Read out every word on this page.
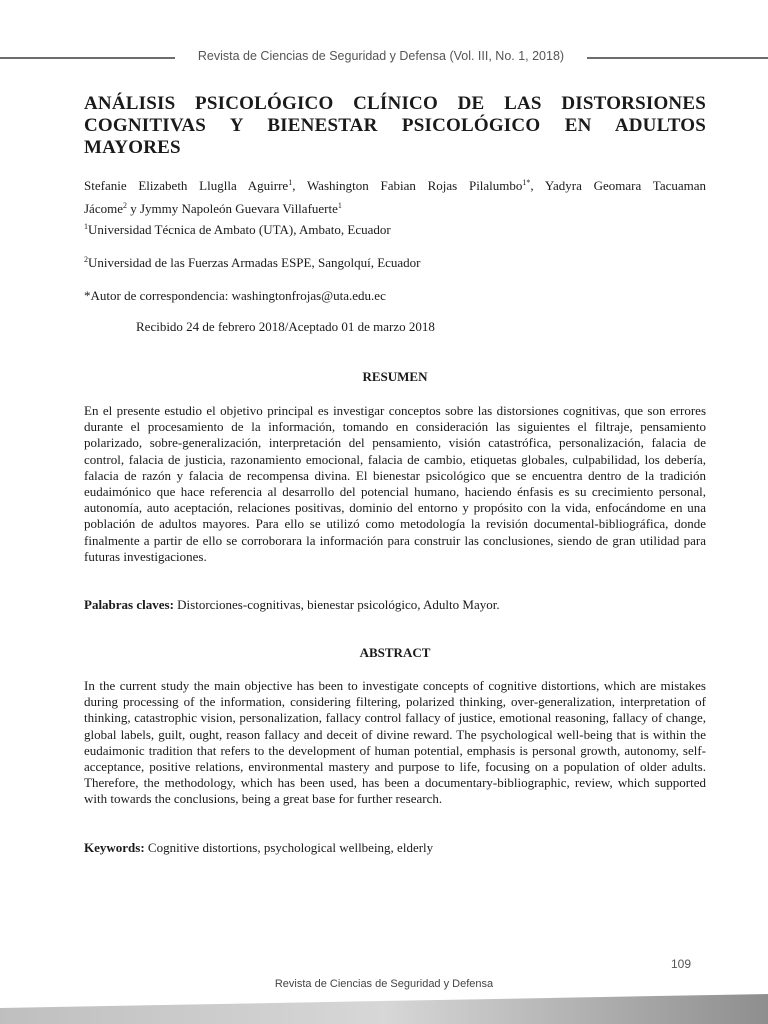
Revista de Ciencias de Seguridad y Defensa (Vol. III, No. 1, 2018)
ANÁLISIS PSICOLÓGICO CLÍNICO DE LAS DISTORSIONES
COGNITIVAS Y BIENESTAR PSICOLÓGICO EN ADULTOS
MAYORES
Stefanie Elizabeth Lluglla Aguirre$^1$, Washington Fabian Rojas Pilalumbo$^{1*}$, Yadyra Geomara Tacuaman
Jácome$^2$ y Jymmy Napoleón Guevara Villafuerte$^1$
$^1$Universidad Técnica de Ambato (UTA), Ambato, Ecuador
$^2$Universidad de las Fuerzas Armadas ESPE, Sangolquí, Ecuador
*Autor de correspondencia: washingtonfrojas@uta.edu.ec
Recibido 24 de febrero 2018/Aceptado 01 de marzo 2018
RESUMEN

En el presente estudio el objetivo principal es investigar conceptos sobre las distorsiones cognitivas, que son errores durante el procesamiento de la información, tomando en consideración las siguientes el filtraje, pensamiento polarizado, sobre-generalización, interpretación del pensamiento, visión catastrófica, personalización, falacia de control, falacia de justicia, razonamiento emocional, falacia de cambio, etiquetas globales, culpabilidad, los debería, falacia de razón y falacia de recompensa divina. El bienestar psicológico que se encuentra dentro de la tradición eudaimónico que hace referencia al desarrollo del potencial humano, haciendo énfasis es su crecimiento personal, autonomía, auto aceptación, relaciones positivas, dominio del entorno y propósito con la vida, enfocándome en una población de adultos mayores. Para ello se utilizó como metodología la revisión documental-bibliográfica, donde finalmente a partir de ello se corroborara la información para construir las conclusiones, siendo de gran utilidad para futuras investigaciones.

Palabras claves: Distorciones-cognitivas, bienestar psicológico, Adulto Mayor.
ABSTRACT

In the current study the main objective has been to investigate concepts of cognitive distortions, which are mistakes during processing of the information, considering filtering, polarized thinking, over-generalization, interpretation of thinking, catastrophic vision, personalization, fallacy control fallacy of justice, emotional reasoning, fallacy of change, global labels, guilt, ought, reason fallacy and deceit of divine reward. The psychological well-being that is within the eudaimonic tradition that refers to the development of human potential, emphasis is personal growth, autonomy, self-acceptance, positive relations, environmental mastery and purpose to life, focusing on a population of older adults. Therefore, the methodology, which has been used, has been a documentary-bibliographic, review, which supported with towards the conclusions, being a great base for further research.

Keywords: Cognitive distortions, psychological wellbeing, elderly
109
Revista de Ciencias de Seguridad y Defensa
